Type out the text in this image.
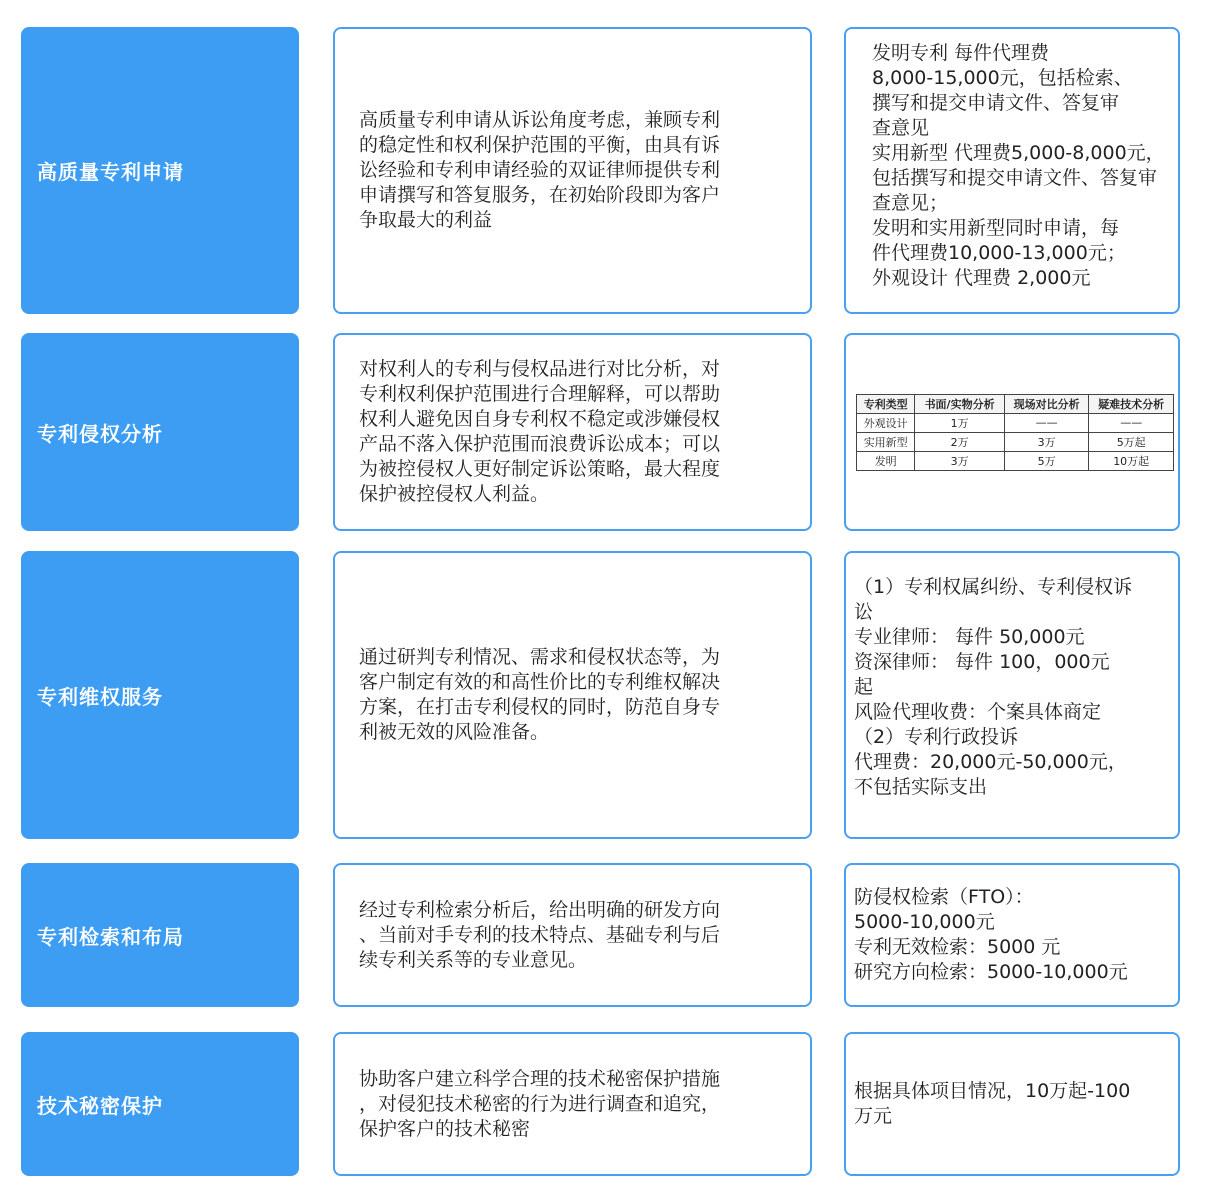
高质量专利申请
高质量专利申请从诉讼角度考虑，兼顾专利
的稳定性和权利保护范围的平衡，由具有诉
讼经验和专利申请经验的双证律师提供专利
申请撰写和答复服务，在初始阶段即为客户
争取最大的利益
发明专利 每件代理费
8,000-15,000元，包括检索、
撰写和提交申请文件、答复审
查意见
实用新型 代理费5,000-8,000元，
包括撰写和提交申请文件、答复审
查意见；
发明和实用新型同时申请，每
件代理费10,000-13,000元；
外观设计 代理费 2,000元
专利侵权分析
对权利人的专利与侵权品进行对比分析，对
专利权利保护范围进行合理解释，可以帮助
权利人避免因自身专利权不稳定或涉嫌侵权
产品不落入保护范围而浪费诉讼成本；可以
为被控侵权人更好制定诉讼策略，最大程度
保护被控侵权人利益。
专利类型	书面/实物分析	现场对比分析	疑难技术分析
外观设计	1万	——	——
实用新型	2万	3万	5万起
发明	3万	5万	10万起
专利维权服务
通过研判专利情况、需求和侵权状态等，为
客户制定有效的和高性价比的专利维权解决
方案，在打击专利侵权的同时，防范自身专
利被无效的风险准备。
（1）专利权属纠纷、专利侵权诉
讼
专业律师： 每件 50,000元
资深律师： 每件 100，000元
起
风险代理收费：个案具体商定
（2）专利行政投诉
代理费：20,000元-50,000元，
不包括实际支出
专利检索和布局
经过专利检索分析后，给出明确的研发方向
、当前对手专利的技术特点、基础专利与后
续专利关系等的专业意见。
防侵权检索（FTO）：
5000-10,000元
专利无效检索：5000 元
研究方向检索：5000-10,000元
技术秘密保护
协助客户建立科学合理的技术秘密保护措施
，对侵犯技术秘密的行为进行调查和追究，
保护客户的技术秘密
根据具体项目情况，10万起-100
万元
